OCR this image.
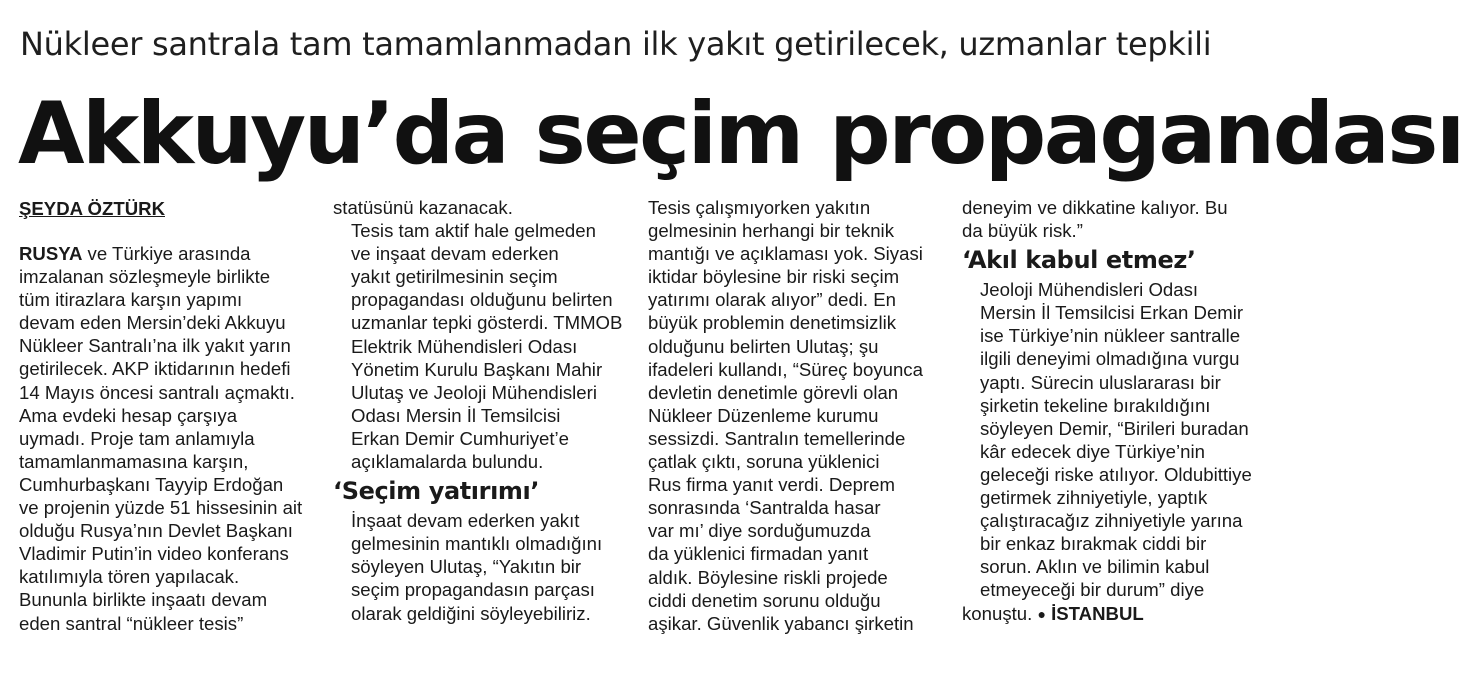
Nükleer santrala tam tamamlanmadan ilk yakıt getirilecek, uzmanlar tepkili
Akkuyu’da seçim propagandası

ŞEYDA ÖZTÜRK

RUSYA ve Türkiye arasında
imzalanan sözleşmeyle birlikte
tüm itirazlara karşın yapımı
devam eden Mersin’deki Akkuyu
Nükleer Santralı’na ilk yakıt yarın
getirilecek. AKP iktidarının hedefi
14 Mayıs öncesi santralı açmaktı.
Ama evdeki hesap çarşıya
uymadı. Proje tam anlamıyla
tamamlanmamasına karşın,
Cumhurbaşkanı Tayyip Erdoğan
ve projenin yüzde 51 hissesinin ait
olduğu Rusya’nın Devlet Başkanı
Vladimir Putin’in video konferans
katılımıyla tören yapılacak.
Bununla birlikte inşaatı devam
eden santral “nükleer tesis”

statüsünü kazanacak.

Tesis tam aktif hale gelmeden
ve inşaat devam ederken
yakıt getirilmesinin seçim
propagandası olduğunu belirten
uzmanlar tepki gösterdi. TMMOB
Elektrik Mühendisleri Odası
Yönetim Kurulu Başkanı Mahir
Ulutaş ve Jeoloji Mühendisleri
Odası Mersin İl Temsilcisi
Erkan Demir Cumhuriyet’e
açıklamalarda bulundu.

‘Seçim yatırımı’

İnşaat devam ederken yakıt
gelmesinin mantıklı olmadığını
söyleyen Ulutaş, “Yakıtın bir
seçim propagandasın parçası
olarak geldiğini söyleyebiliriz.

Tesis çalışmıyorken yakıtın
gelmesinin herhangi bir teknik
mantığı ve açıklaması yok. Siyasi
iktidar böylesine bir riski seçim
yatırımı olarak alıyor” dedi. En
büyük problemin denetimsizlik
olduğunu belirten Ulutaş; şu
ifadeleri kullandı, “Süreç boyunca
devletin denetimle görevli olan
Nükleer Düzenleme kurumu
sessizdi. Santralın temellerinde
çatlak çıktı, soruna yüklenici
Rus firma yanıt verdi. Deprem
sonrasında ‘Santralda hasar
var mı’ diye sorduğumuzda
da yüklenici firmadan yanıt
aldık. Böylesine riskli projede
ciddi denetim sorunu olduğu
aşikar. Güvenlik yabancı şirketin

deneyim ve dikkatine kalıyor. Bu
da büyük risk.”

‘Akıl kabul etmez’

Jeoloji Mühendisleri Odası
Mersin İl Temsilcisi Erkan Demir
ise Türkiye’nin nükleer santralle
ilgili deneyimi olmadığına vurgu
yaptı. Sürecin uluslararası bir
şirketin tekeline bırakıldığını
söyleyen Demir, “Birileri buradan
kâr edecek diye Türkiye’nin
geleceği riske atılıyor. Oldubittiye
getirmek zihniyetiyle, yaptık
çalıştıracağız zihniyetiyle yarına
bir enkaz bırakmak ciddi bir
sorun. Aklın ve bilimin kabul
etmeyeceği bir durum” diye

konuştu. ● İSTANBUL
